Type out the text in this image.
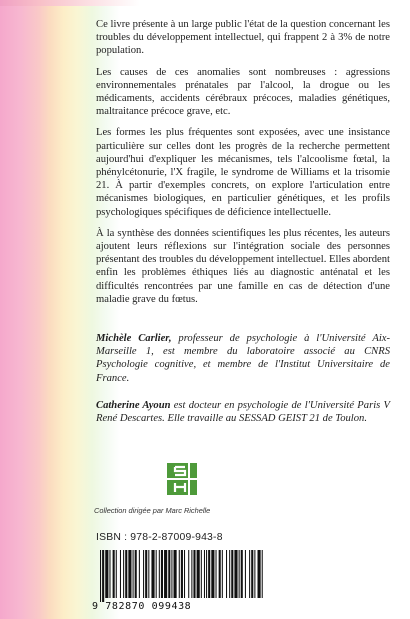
Ce livre présente à un large public l'état de la question concernant les troubles du développement intellectuel, qui frappent 2 à 3% de notre population.

Les causes de ces anomalies sont nombreuses : agressions environnementales prénatales par l'alcool, la drogue ou les médicaments, accidents cérébraux précoces, maladies génétiques, maltraitance précoce grave, etc.

Les formes les plus fréquentes sont exposées, avec une insistance particulière sur celles dont les progrès de la recherche permettent aujourd'hui d'expliquer les mécanismes, tels l'alcoolisme fœtal, la phénylcétonurie, l'X fragile, le syndrome de Williams et la trisomie 21. À partir d'exemples concrets, on explore l'articulation entre mécanismes biologiques, en particulier génétiques, et les profils psychologiques spécifiques de déficience intellectuelle.

À la synthèse des données scientifiques les plus récentes, les auteurs ajoutent leurs réflexions sur l'intégration sociale des personnes présentant des troubles du développement intellectuel. Elles abordent enfin les problèmes éthiques liés au diagnostic anténatal et les difficultés rencontrées par une famille en cas de détection d'une maladie grave du fœtus.

Michèle Carlier, professeur de psychologie à l'Université Aix-Marseille 1, est membre du laboratoire associé au CNRS Psychologie cognitive, et membre de l'Institut Universitaire de France.

Catherine Ayoun est docteur en psychologie de l'Université Paris V René Descartes. Elle travaille au SESSAD GEIST 21 de Toulon.

Collection dirigée par Marc Richelle
ISBN : 978-2-87009-943-8
9 782870 099438
